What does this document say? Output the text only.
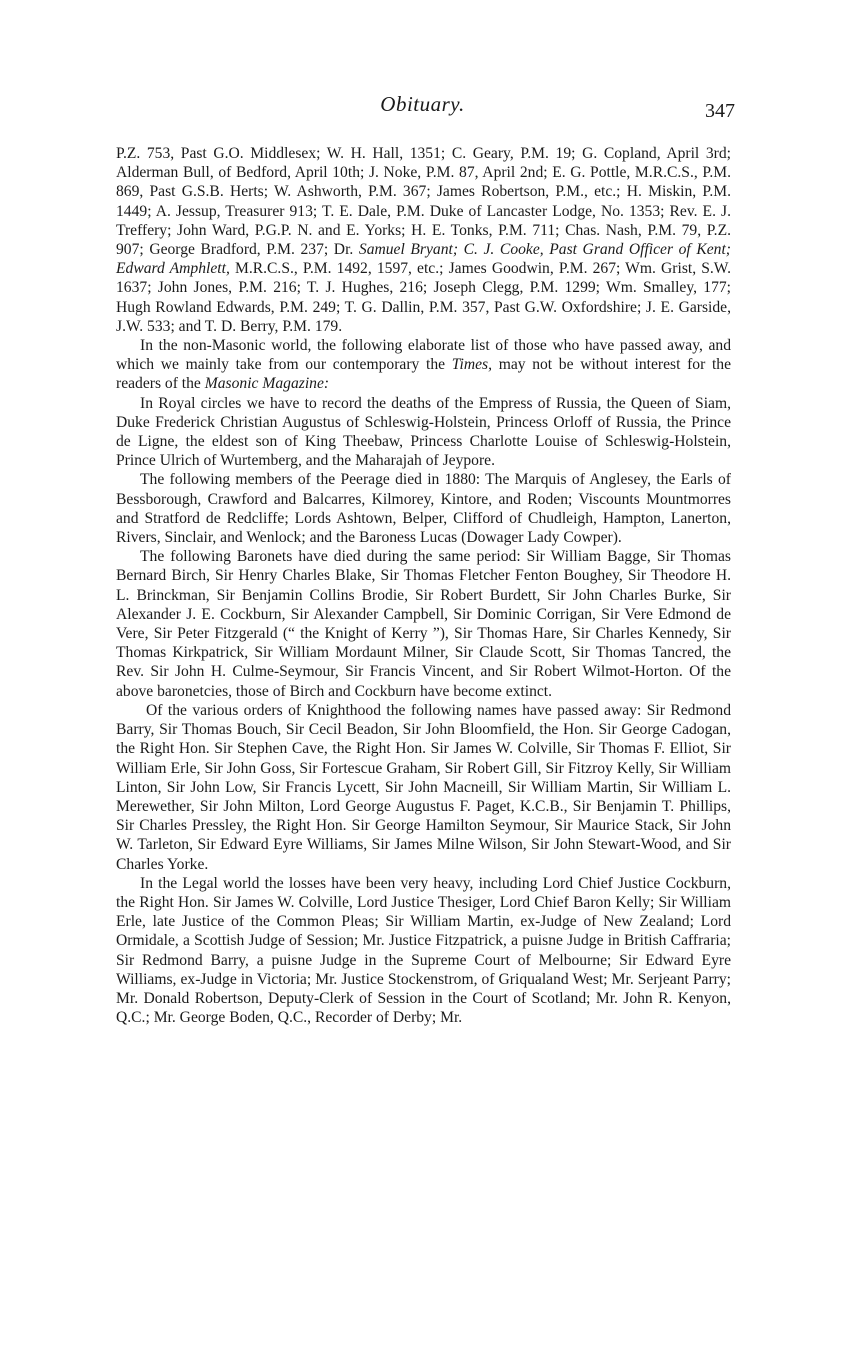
Obituary.	347

P.Z. 753, Past G.O. Middlesex; W. H. Hall, 1351; C. Geary, P.M. 19; G. Copland, April 3rd; Alderman Bull, of Bedford, April 10th; J. Noke, P.M. 87, April 2nd; E. G. Pottle, M.R.C.S., P.M. 869, Past G.S.B. Herts; W. Ashworth, P.M. 367; James Robertson, P.M., etc.; H. Miskin, P.M. 1449; A. Jessup, Treasurer 913; T. E. Dale, P.M. Duke of Lancaster Lodge, No. 1353; Rev. E. J. Treffery; John Ward, P.G.P. N. and E. Yorks; H. E. Tonks, P.M. 711; Chas. Nash, P.M. 79, P.Z. 907; George Bradford, P.M. 237; Dr. Samuel Bryant; C. J. Cooke, Past Grand Officer of Kent; Edward Amphlett, M.R.C.S., P.M. 1492, 1597, etc.; James Goodwin, P.M. 267; Wm. Grist, S.W. 1637; John Jones, P.M. 216; T. J. Hughes, 216; Joseph Clegg, P.M. 1299; Wm. Smalley, 177; Hugh Rowland Edwards, P.M. 249; T. G. Dallin, P.M. 357, Past G.W. Oxfordshire; J. E. Garside, J.W. 533; and T. D. Berry, P.M. 179.

In the non-Masonic world, the following elaborate list of those who have passed away, and which we mainly take from our contemporary the Times, may not be without interest for the readers of the Masonic Magazine:

In Royal circles we have to record the deaths of the Empress of Russia, the Queen of Siam, Duke Frederick Christian Augustus of Schleswig-Holstein, Princess Orloff of Russia, the Prince de Ligne, the eldest son of King Theebaw, Princess Charlotte Louise of Schleswig-Holstein, Prince Ulrich of Wurtemberg, and the Maharajah of Jeypore.

The following members of the Peerage died in 1880: The Marquis of Anglesey, the Earls of Bessborough, Crawford and Balcarres, Kilmorey, Kintore, and Roden; Viscounts Mountmorres and Stratford de Redcliffe; Lords Ashtown, Belper, Clifford of Chudleigh, Hampton, Lanerton, Rivers, Sinclair, and Wenlock; and the Baroness Lucas (Dowager Lady Cowper).

The following Baronets have died during the same period: Sir William Bagge, Sir Thomas Bernard Birch, Sir Henry Charles Blake, Sir Thomas Fletcher Fenton Boughey, Sir Theodore H. L. Brinckman, Sir Benjamin Collins Brodie, Sir Robert Burdett, Sir John Charles Burke, Sir Alexander J. E. Cockburn, Sir Alexander Campbell, Sir Dominic Corrigan, Sir Vere Edmond de Vere, Sir Peter Fitzgerald (“ the Knight of Kerry ”), Sir Thomas Hare, Sir Charles Kennedy, Sir Thomas Kirkpatrick, Sir William Mordaunt Milner, Sir Claude Scott, Sir Thomas Tancred, the Rev. Sir John H. Culme-Seymour, Sir Francis Vincent, and Sir Robert Wilmot-Horton. Of the above baronetcies, those of Birch and Cockburn have become extinct.

Of the various orders of Knighthood the following names have passed away: Sir Redmond Barry, Sir Thomas Bouch, Sir Cecil Beadon, Sir John Bloomfield, the Hon. Sir George Cadogan, the Right Hon. Sir Stephen Cave, the Right Hon. Sir James W. Colville, Sir Thomas F. Elliot, Sir William Erle, Sir John Goss, Sir Fortescue Graham, Sir Robert Gill, Sir Fitzroy Kelly, Sir William Linton, Sir John Low, Sir Francis Lycett, Sir John Macneill, Sir William Martin, Sir William L. Merewether, Sir John Milton, Lord George Augustus F. Paget, K.C.B., Sir Benjamin T. Phillips, Sir Charles Pressley, the Right Hon. Sir George Hamilton Seymour, Sir Maurice Stack, Sir John W. Tarleton, Sir Edward Eyre Williams, Sir James Milne Wilson, Sir John Stewart-Wood, and Sir Charles Yorke.

In the Legal world the losses have been very heavy, including Lord Chief Justice Cockburn, the Right Hon. Sir James W. Colville, Lord Justice Thesiger, Lord Chief Baron Kelly; Sir William Erle, late Justice of the Common Pleas; Sir William Martin, ex-Judge of New Zealand; Lord Ormidale, a Scottish Judge of Session; Mr. Justice Fitzpatrick, a puisne Judge in British Caffraria; Sir Redmond Barry, a puisne Judge in the Supreme Court of Melbourne; Sir Edward Eyre Williams, ex-Judge in Victoria; Mr. Justice Stockenstrom, of Griqualand West; Mr. Serjeant Parry; Mr. Donald Robertson, Deputy-Clerk of Session in the Court of Scotland; Mr. John R. Kenyon, Q.C.; Mr. George Boden, Q.C., Recorder of Derby; Mr.
